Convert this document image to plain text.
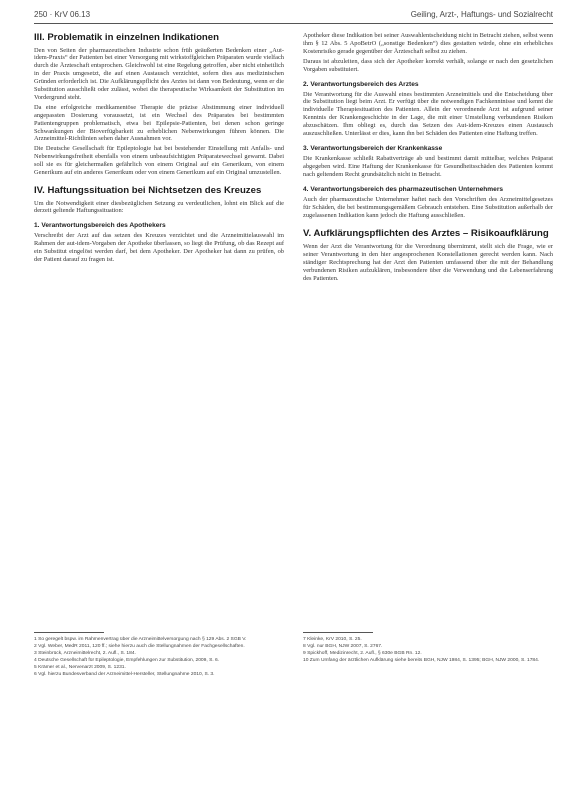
250 · KrV 06.13	Geiling, Arzt-, Haftungs- und Sozialrecht
III. Problematik in einzelnen Indikationen

Den von Seiten der pharmazeutischen Industrie schon früh geäußerten Bedenken einer „Aut-idem-Praxis“ der Patienten bei einer Versorgung mit wirkstoffgleichen Präparaten wurde vielfach durch die Ärzteschaft entsprochen. Gleichwohl ist eine Regelung getroffen, aber nicht einheitlich in der Praxis umgesetzt, die auf einen Austausch verzichtet, sofern dies aus medizinischen Gründen erforderlich ist. Die Aufklärungspflicht des Arztes ist dann von Bedeutung, wenn er die Substitution ausschließt oder zulässt, wobei die therapeutische Wirksamkeit der Substitution im Vordergrund steht.

Da eine erfolgreiche medikamentöse Therapie die präzise Abstimmung einer individuell angepassten Dosierung voraussetzt, ist ein Wechsel des Präparates bei bestimmten Patientengruppen problematisch, etwa bei Epilepsie-Patienten, bei denen schon geringe Schwankungen der Bioverfügbarkeit zu erheblichen Nebenwirkungen führen können. Die Arzneimittel-Richtlinien sehen daher Ausnahmen vor.

Die Deutsche Gesellschaft für Epileptologie hat bei bestehender Einstellung mit Anfalls- und Nebenwirkungsfreiheit ebenfalls von einem unbeaufsichtigten Präparatewechsel gewarnt. Dabei soll sie es für gleichermaßen gefährlich von einem Original auf ein Generikum, von einem Generikum auf ein anderes Generikum oder von einem Generikum auf ein Original umzustellen.

IV. Haftungssituation bei Nichtsetzen des Kreuzes

Um die Notwendigkeit einer diesbezüglichen Setzung zu verdeutlichen, lohnt ein Blick auf die derzeit geltende Haftungssituation:

1. Verantwortungsbereich des Apothekers

Verschreibt der Arzt auf das setzen des Kreuzes verzichtet und die Arzneimittelauswahl im Rahmen der aut-idem-Vorgaben der Apotheke überlassen, so liegt die Prüfung, ob das Rezept auf ein Substitut eingelöst werden darf, bei dem Apotheker. Der Apotheker hat dann zu prüfen, ob der Patient darauf zu fragen ist.

Apotheker diese Indikation bei seiner Auswahlentscheidung nicht in Betracht ziehen, selbst wenn ihm § 12 Abs. 5 ApoBetrO („sonstige Bedenken“) dies gestatten würde, ohne ein erhebliches Kostenrisiko gerade gegenüber der Ärzteschaft selbst zu ziehen.

Daraus ist abzuleiten, dass sich der Apotheker korrekt verhält, solange er nach den gesetzlichen Vorgaben substituiert.

2. Verantwortungsbereich des Arztes

Die Verantwortung für die Auswahl eines bestimmten Arzneimittels und die Entscheidung über die Substitution liegt beim Arzt. Er verfügt über die notwendigen Fachkenntnisse und kennt die individuelle Therapiesituation des Patienten. Allein der verordnende Arzt ist aufgrund seiner Kenntnis der Krankengeschichte in der Lage, die mit einer Umstellung verbundenen Risiken abzuschätzen. Ihm obliegt es, durch das Setzen des Aut-idem-Kreuzes einen Austausch auszuschließen. Unterlässt er dies, kann ihn bei Schäden des Patienten eine Haftung treffen.

3. Verantwortungsbereich der Krankenkasse

Die Krankenkasse schließt Rabattverträge ab und bestimmt damit mittelbar, welches Präparat abgegeben wird. Eine Haftung der Krankenkasse für Gesundheitsschäden des Patienten kommt nach geltendem Recht grundsätzlich nicht in Betracht.

4. Verantwortungsbereich des pharmazeutischen Unternehmers

Auch der pharmazeutische Unternehmer haftet nach den Vorschriften des Arzneimittelgesetzes für Schäden, die bei bestimmungsgemäßem Gebrauch entstehen. Eine Substitution außerhalb der zugelassenen Indikation kann jedoch die Haftung ausschließen.

V. Aufklärungspflichten des Arztes – Risikoaufklärung

Wenn der Arzt die Verantwortung für die Verordnung übernimmt, stellt sich die Frage, wie er seiner Verantwortung in den hier angesprochenen Konstellationen gerecht werden kann. Nach ständiger Rechtsprechung hat der Arzt den Patienten umfassend über die mit der Behandlung verbundenen Risiken aufzuklären, insbesondere über die Verwendung und die Lebenserfahrung des Patienten.

1 So geregelt bspw. im Rahmenvertrag über die Arzneimittelversorgung nach § 129 Abs. 2 SGB V.

2 Vgl. Weber, MedR 2011, 120 ff.; siehe hierzu auch die Stellungnahmen der Fachgesellschaften.

3 Steinbrück, Arzneimittelrecht, 2. Aufl., S. 184.

4 Deutsche Gesellschaft für Epileptologie, Empfehlungen zur Substitution, 2009, S. 6.

5 Krämer et al., Nervenarzt 2009, S. 1231.

6 Vgl. hierzu Bundesverband der Arzneimittel-Hersteller, Stellungnahme 2010, S. 3.

7 Kleinke, KrV 2010, S. 25.

8 Vgl. nur BGH, NJW 2007, S. 2767.

9 Spickhoff, Medizinrecht, 2. Aufl., § 630e BGB Rn. 12.

10 Zum Umfang der ärztlichen Aufklärung siehe bereits BGH, NJW 1984, S. 1395; BGH, NJW 2000, S. 1784.
